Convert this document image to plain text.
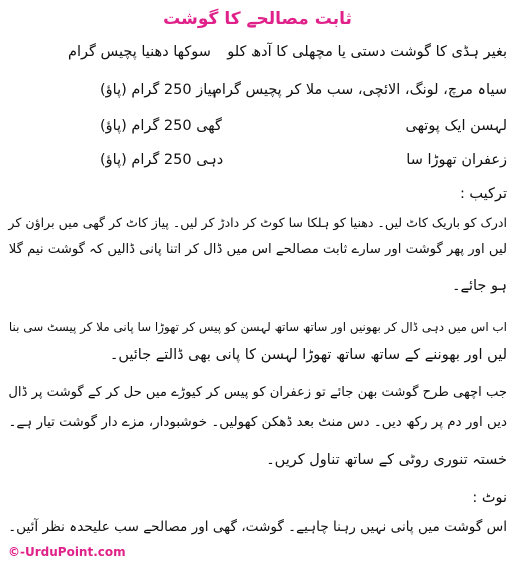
ثابت مصالحے کا گوشت
بغیر ہڈی کا گوشت دستی یا مچھلی کا آدھ کلو
سوکھا دھنیا پچیس گرام
سیاہ مرچ، لونگ، الائچی، سب ملا کر پچیس گرام
پیاز 250 گرام (پاؤ)
لہسن ایک پوتھی
گھی 250 گرام (پاؤ)
زعفران تھوڑا سا
دہی 250 گرام (پاؤ)
ترکیب :
ادرک کو باریک کاٹ لیں۔ دھنیا کو ہلکا سا کوٹ کر دادڑ کر لیں۔ پیاز کاٹ کر گھی میں براؤن کر
لیں اور پھر گوشت اور سارے ثابت مصالحے اس میں ڈال کر اتنا پانی ڈالیں کہ گوشت نیم گلا
ہو جائے۔
اب اس میں دہی ڈال کر بھونیں اور ساتھ ساتھ لہسن کو پیس کر تھوڑا سا پانی ملا کر پیسٹ سی بنا
لیں اور بھوننے کے ساتھ ساتھ تھوڑا لہسن کا پانی بھی ڈالتے جائیں۔
جب اچھی طرح گوشت بھن جائے تو زعفران کو پیس کر کیوڑے میں حل کر کے گوشت پر ڈال
دیں اور دم پر رکھ دیں۔ دس منٹ بعد ڈھکن کھولیں۔ خوشبودار، مزے دار گوشت تیار ہے۔
خستہ تنوری روٹی کے ساتھ تناول کریں۔
نوٹ :
اس گوشت میں پانی نہیں رہنا چاہیے۔ گوشت، گھی اور مصالحے سب علیحدہ نظر آئیں۔
©-UrduPoint.com
